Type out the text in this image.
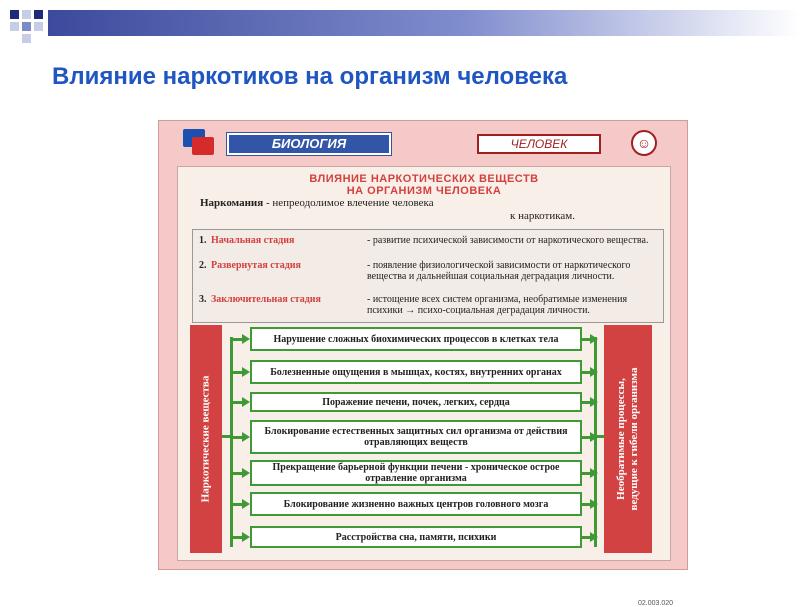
Влияние наркотиков на организм человека
БИОЛОГИЯ	ЧЕЛОВЕК	☺
ВЛИЯНИЕ НАРКОТИЧЕСКИХ ВЕЩЕСТВ
НА ОРГАНИЗМ ЧЕЛОВЕКА
Наркомания - непреодолимое влечение человека
к наркотикам.
1. Начальная стадия	- развитие психической зависимости от наркотического вещества.
2. Развернутая стадия	- появление физиологической зависимости от наркотического вещества и дальнейшая социальная деградация личности.
3. Заключительная стадия	- истощение всех систем организма, необратимые изменения психики → психо-социальная деградация личности.
Наркотические вещества	Необратимые процессы, ведущие к гибели организма
Нарушение сложных биохимических процессов в клетках тела
Болезненные ощущения в мышцах, костях, внутренних органах
Поражение печени, почек, легких, сердца
Блокирование естественных защитных сил организма от действия отравляющих веществ
Прекращение барьерной функции печени - хроническое острое отравление организма
Блокирование жизненно важных центров головного мозга
Расстройства сна, памяти, психики
02.003.020
